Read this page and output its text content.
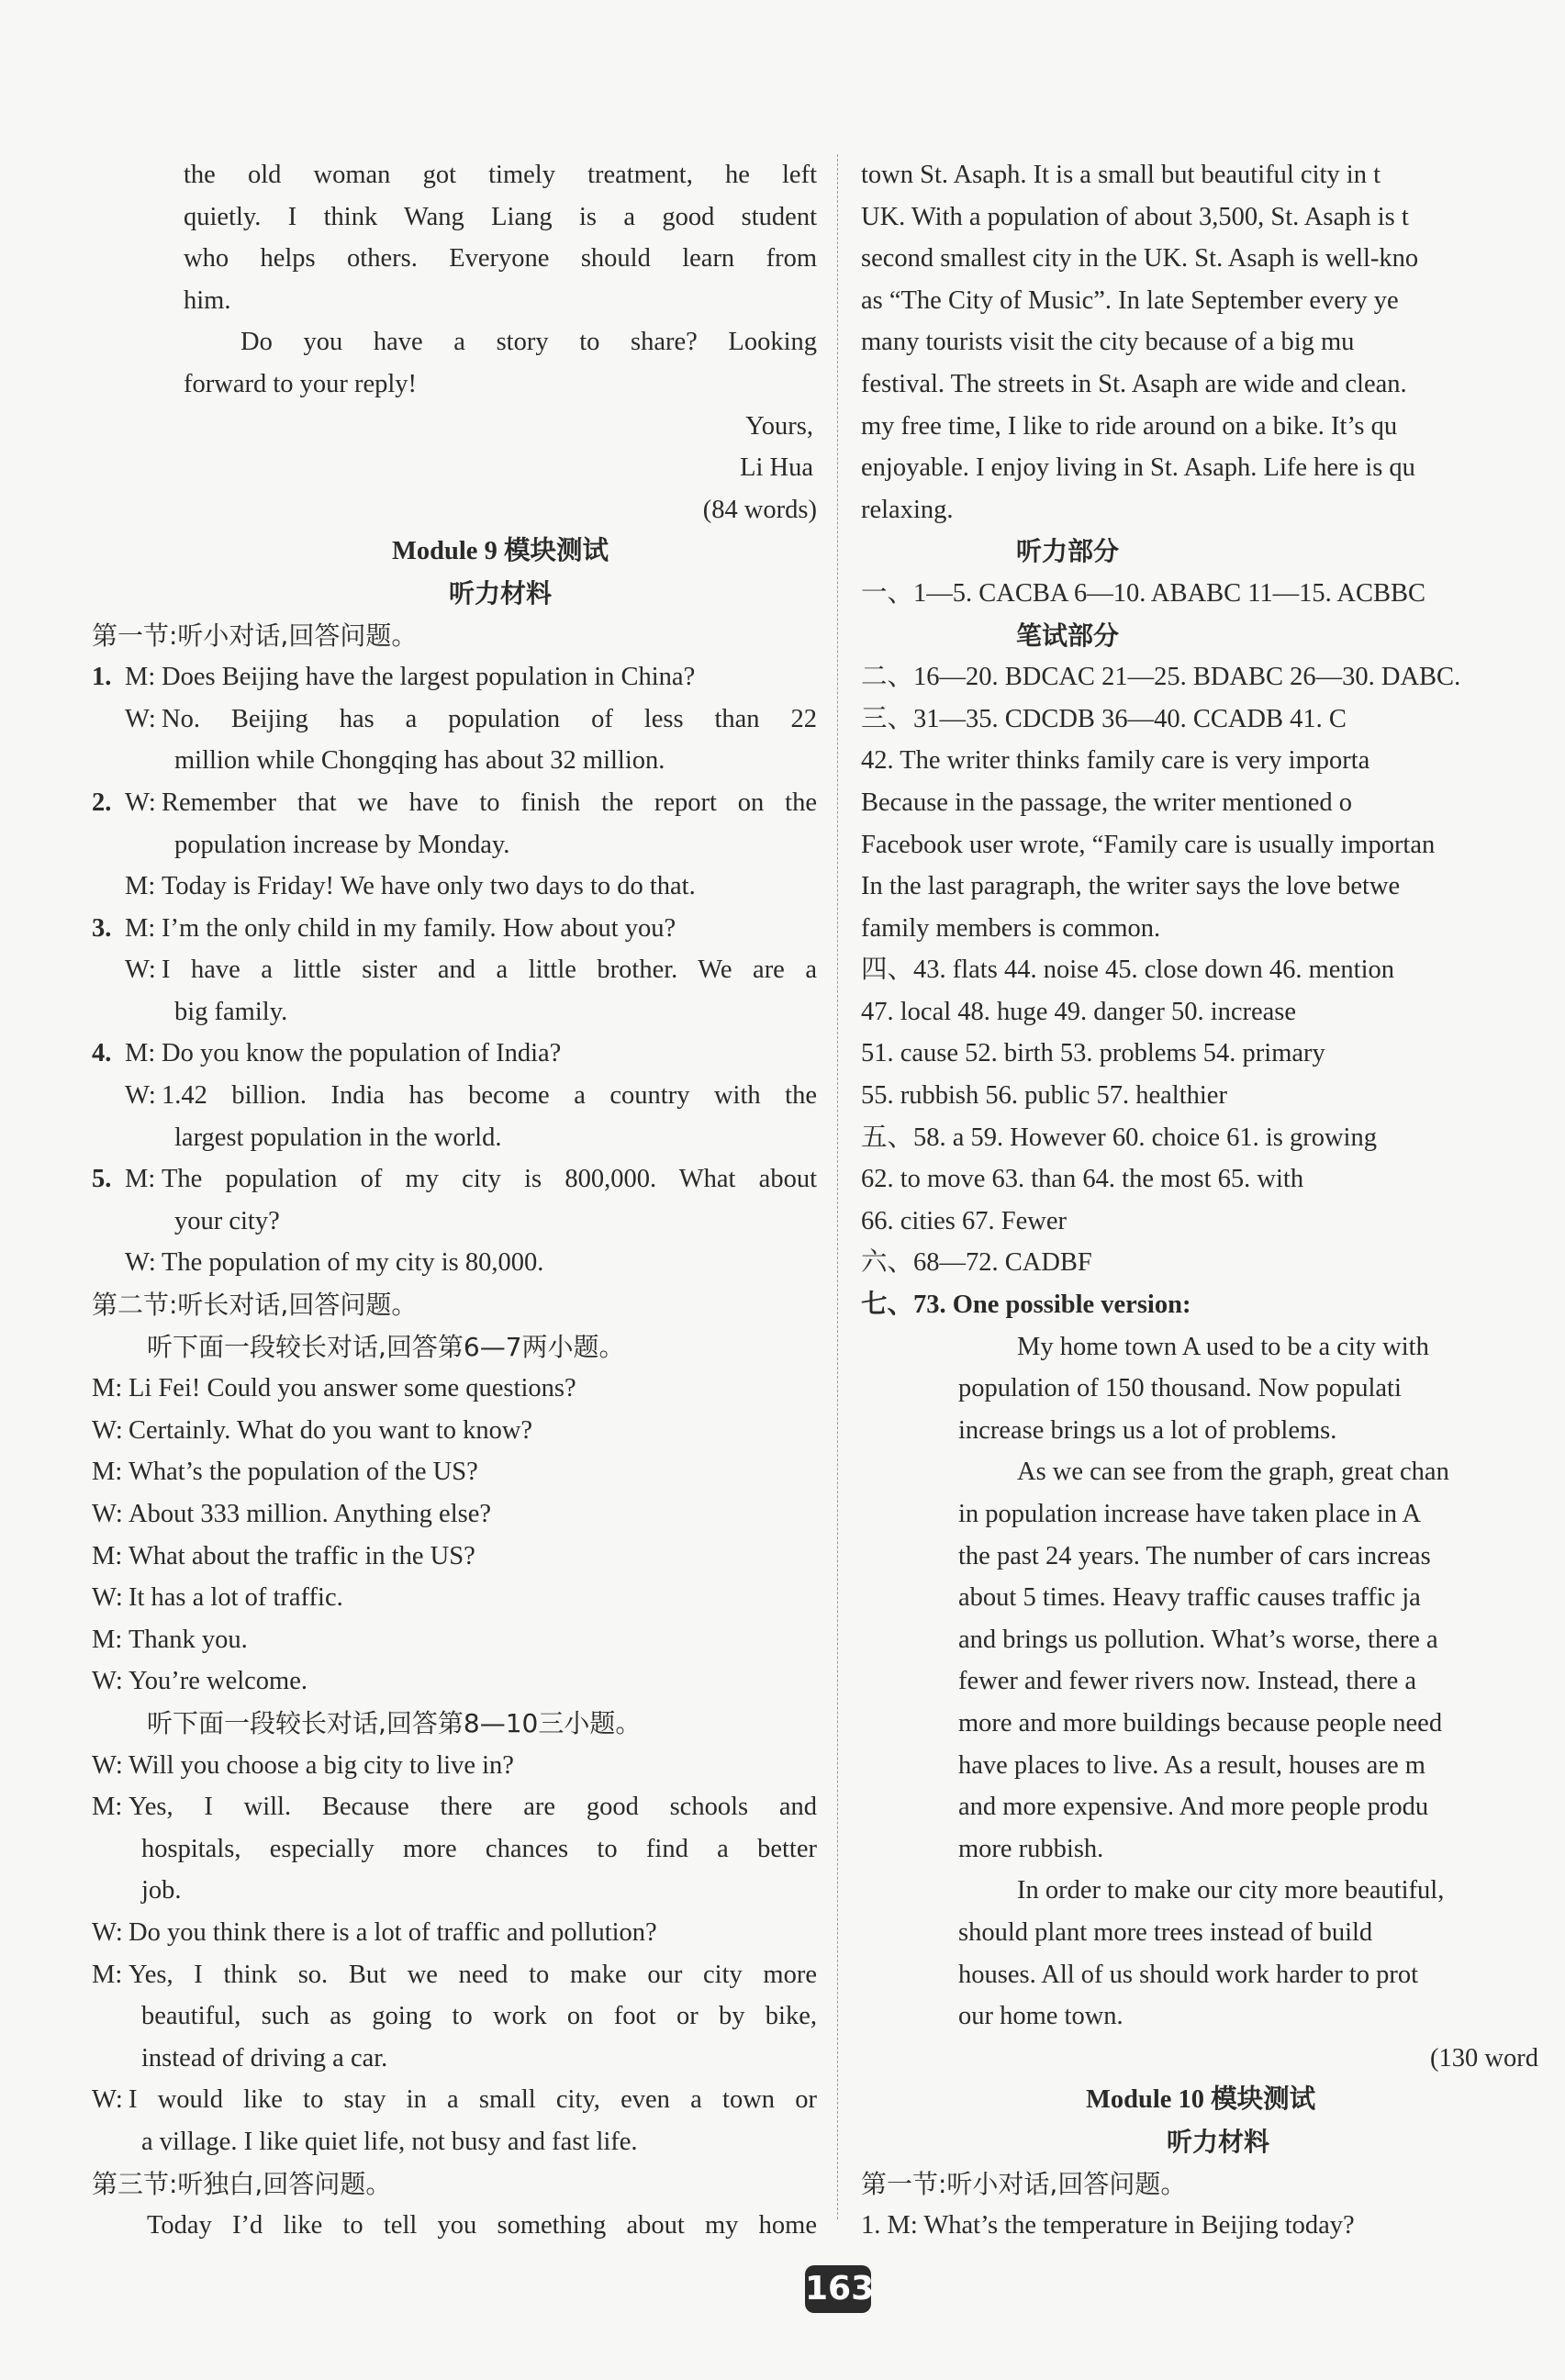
the old woman got timely treatment, he left
quietly. I think Wang Liang is a good student
who helps others. Everyone should learn from
him.
Do you have a story to share? Looking
forward to your reply!
Yours,
Li Hua
(84 words)
Module 9 模块测试
听力材料
第一节:听小对话,回答问题。
1. M: Does Beijing have the largest population in China?
W: No. Beijing has a population of less than 22
million while Chongqing has about 32 million.
2. W: Remember that we have to finish the report on the
population increase by Monday.
M: Today is Friday! We have only two days to do that.
3. M: I’m the only child in my family. How about you?
W: I have a little sister and a little brother. We are a
big family.
4. M: Do you know the population of India?
W: 1.42 billion. India has become a country with the
largest population in the world.
5. M: The population of my city is 800,000. What about
your city?
W: The population of my city is 80,000.
第二节:听长对话,回答问题。
听下面一段较长对话,回答第6—7两小题。
M: Li Fei! Could you answer some questions?
W: Certainly. What do you want to know?
M: What’s the population of the US?
W: About 333 million. Anything else?
M: What about the traffic in the US?
W: It has a lot of traffic.
M: Thank you.
W: You’re welcome.
听下面一段较长对话,回答第8—10三小题。
W: Will you choose a big city to live in?
M: Yes, I will. Because there are good schools and
hospitals, especially more chances to find a better
job.
W: Do you think there is a lot of traffic and pollution?
M: Yes, I think so. But we need to make our city more
beautiful, such as going to work on foot or by bike,
instead of driving a car.
W: I would like to stay in a small city, even a town or
a village. I like quiet life, not busy and fast life.
第三节:听独白,回答问题。
Today I’d like to tell you something about my home
town St. Asaph. It is a small but beautiful city in t
UK. With a population of about 3,500, St. Asaph is t
second smallest city in the UK. St. Asaph is well-kno
as “The City of Music”. In late September every ye
many tourists visit the city because of a big mu
festival. The streets in St. Asaph are wide and clean.
my free time, I like to ride around on a bike. It’s qu
enjoyable. I enjoy living in St. Asaph. Life here is qu
relaxing.
听力部分
一、1—5. CACBA 6—10. ABABC 11—15. ACBBC
笔试部分
二、16—20. BDCAC 21—25. BDABC 26—30. DABC.
三、31—35. CDCDB 36—40. CCADB 41. C
42. The writer thinks family care is very importa
Because in the passage, the writer mentioned o
Facebook user wrote, “Family care is usually importan
In the last paragraph, the writer says the love betwe
family members is common.
四、43. flats 44. noise 45. close down 46. mention
47. local 48. huge 49. danger 50. increase
51. cause 52. birth 53. problems 54. primary
55. rubbish 56. public 57. healthier
五、58. a 59. However 60. choice 61. is growing
62. to move 63. than 64. the most 65. with
66. cities 67. Fewer
六、68—72. CADBF
七、73. One possible version:
My home town A used to be a city with
population of 150 thousand. Now populati
increase brings us a lot of problems.
As we can see from the graph, great chan
in population increase have taken place in A
the past 24 years. The number of cars increas
about 5 times. Heavy traffic causes traffic ja
and brings us pollution. What’s worse, there a
fewer and fewer rivers now. Instead, there a
more and more buildings because people need
have places to live. As a result, houses are m
and more expensive. And more people produ
more rubbish.
In order to make our city more beautiful,
should plant more trees instead of build
houses. All of us should work harder to prot
our home town.
(130 word
Module 10 模块测试
听力材料
第一节:听小对话,回答问题。
1. M: What’s the temperature in Beijing today?
163
